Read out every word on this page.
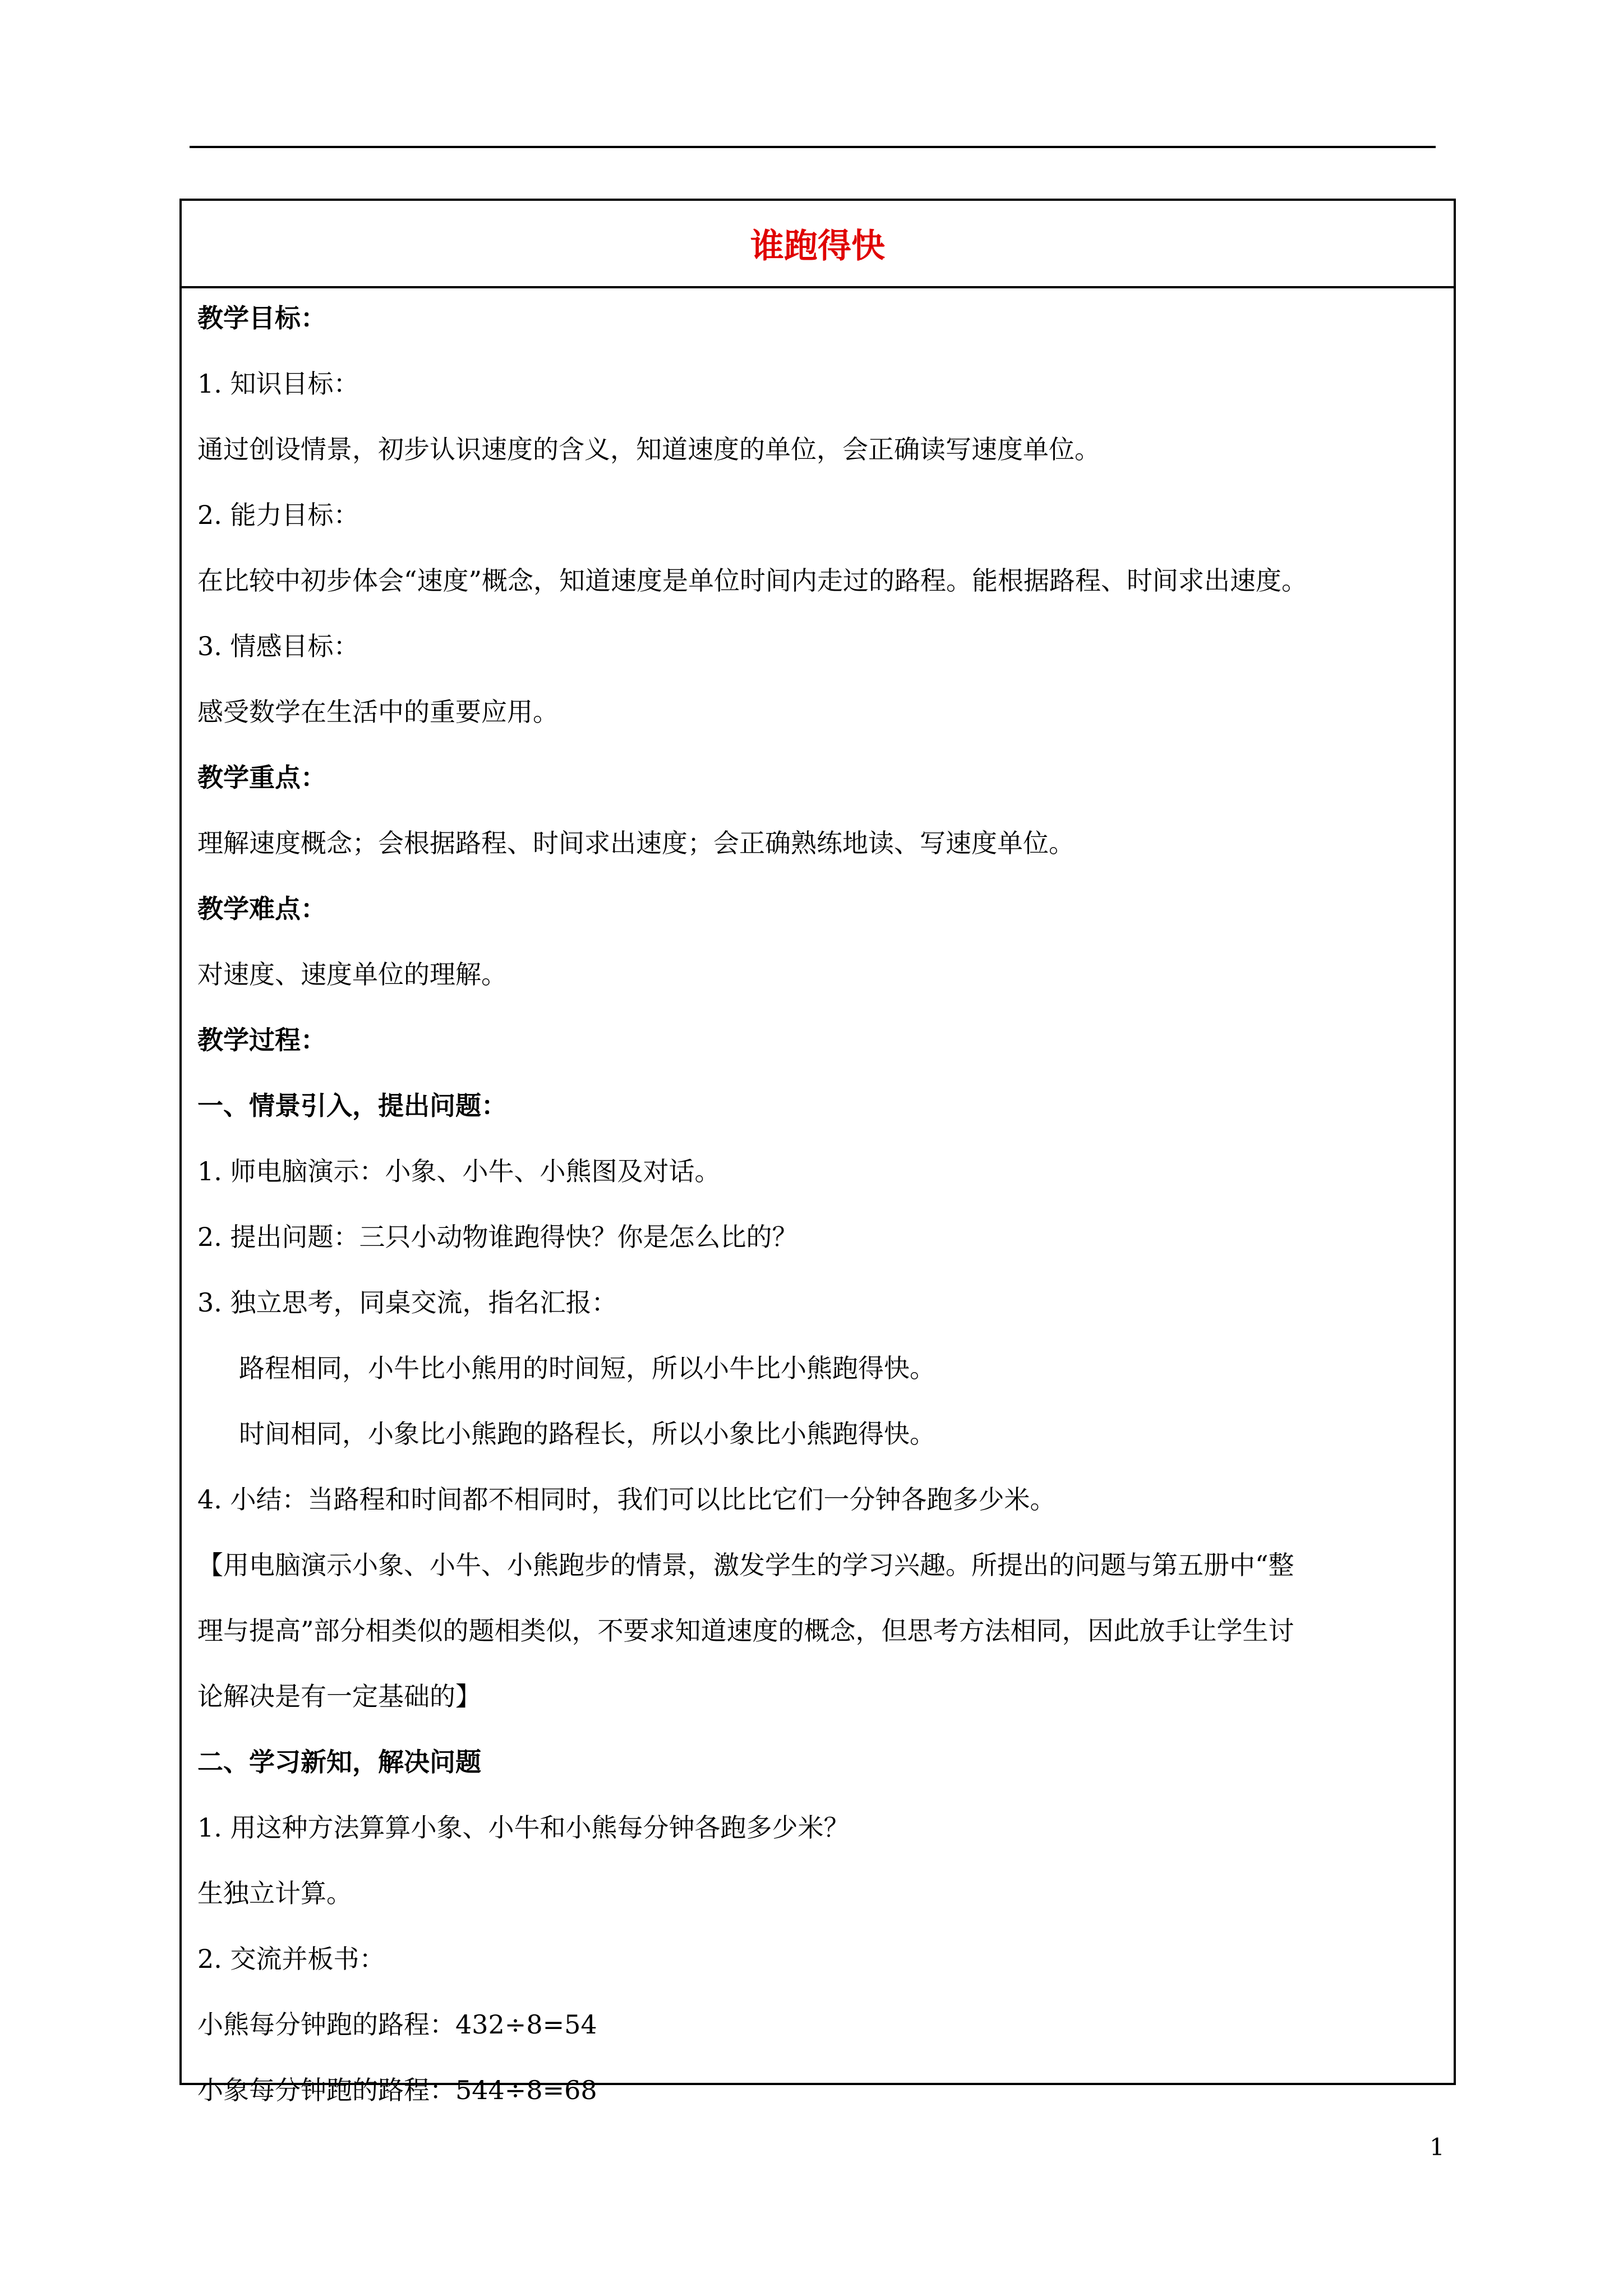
谁跑得快
教学目标：
1. 知识目标：
通过创设情景，初步认识速度的含义，知道速度的单位，会正确读写速度单位。
2. 能力目标：
在比较中初步体会“速度”概念，知道速度是单位时间内走过的路程。能根据路程、时间求出速度。
3. 情感目标：
感受数学在生活中的重要应用。
教学重点：
理解速度概念；会根据路程、时间求出速度；会正确熟练地读、写速度单位。
教学难点：
对速度、速度单位的理解。
教学过程：
一、情景引入，提出问题：
1. 师电脑演示：小象、小牛、小熊图及对话。
2. 提出问题：三只小动物谁跑得快？你是怎么比的？
3. 独立思考，同桌交流，指名汇报：
路程相同，小牛比小熊用的时间短，所以小牛比小熊跑得快。
时间相同，小象比小熊跑的路程长，所以小象比小熊跑得快。
4. 小结：当路程和时间都不相同时，我们可以比比它们一分钟各跑多少米。
【用电脑演示小象、小牛、小熊跑步的情景，激发学生的学习兴趣。所提出的问题与第五册中“整
理与提高”部分相类似的题相类似，不要求知道速度的概念，但思考方法相同，因此放手让学生讨
论解决是有一定基础的】
二、学习新知，解决问题
1. 用这种方法算算小象、小牛和小熊每分钟各跑多少米？
生独立计算。
2. 交流并板书：
小熊每分钟跑的路程：432÷8=54
小象每分钟跑的路程：544÷8=68
1
